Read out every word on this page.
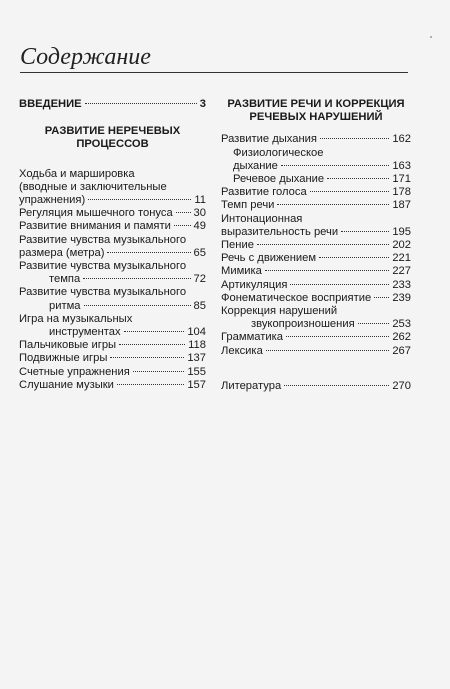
Содержание
ВВЕДЕНИЕ	3
РАЗВИТИЕ НЕРЕЧЕВЫХ
ПРОЦЕССОВ
Ходьба и маршировка
(вводные и заключительные
упражнения)	11
Регуляция мышечного тонуса 30
Развитие внимания и памяти 49
Развитие чувства музыкального
размера (метра)	65
Развитие чувства музыкального
темпа	72
Развитие чувства музыкального
ритма	85
Игра на музыкальных
инструментах	104
Пальчиковые игры	118
Подвижные игры	137
Счетные упражнения	155
Слушание музыки	157
РАЗВИТИЕ РЕЧИ И КОРРЕКЦИЯ
РЕЧЕВЫХ НАРУШЕНИЙ
Развитие дыхания	162
Физиологическое
дыхание	163
Речевое дыхание	171
Развитие голоса	178
Темп речи	187
Интонационная
выразительность речи	195
Пение	202
Речь с движением	221
Мимика	227
Артикуляция	233
Фонематическое восприятие 239
Коррекция нарушений
звукопроизношения	253
Грамматика	262
Лексика	267
Литература	270
